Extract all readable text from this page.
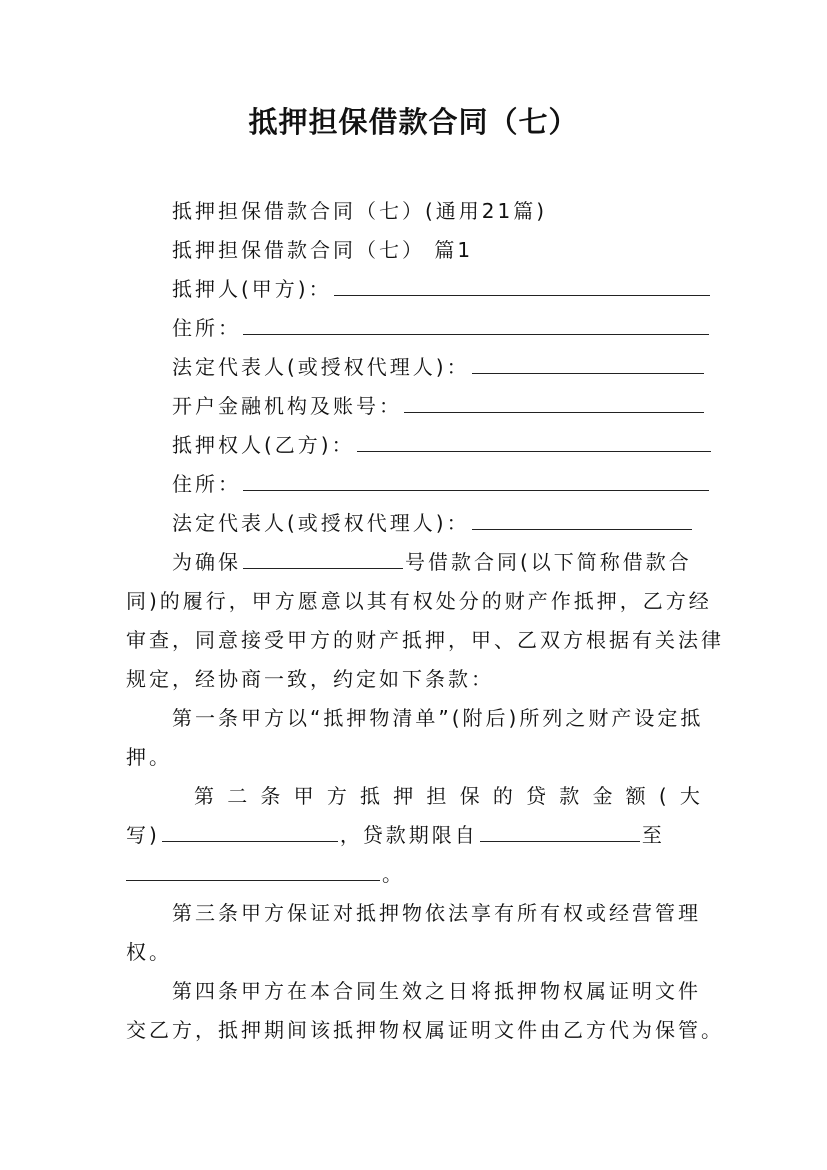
抵押担保借款合同（七）
抵押担保借款合同（七）(通用21篇)
抵押担保借款合同（七） 篇1
抵押人(甲方)：
住所：
法定代表人(或授权代理人)：
开户金融机构及账号：
抵押权人(乙方)：
住所：
法定代表人(或授权代理人)：
为确保	号借款合同(以下简称借款合
同)的履行，甲方愿意以其有权处分的财产作抵押，乙方经
审查，同意接受甲方的财产抵押，甲、乙双方根据有关法律
规定，经协商一致，约定如下条款：
第一条甲方以“抵押物清单”(附后)所列之财产设定抵
押。
第 二 条 甲 方 抵 押 担 保 的 贷 款 金 额 ( 大
写)	，贷款期限自	至
。
第三条甲方保证对抵押物依法享有所有权或经营管理
权。
第四条甲方在本合同生效之日将抵押物权属证明文件
交乙方，抵押期间该抵押物权属证明文件由乙方代为保管。
